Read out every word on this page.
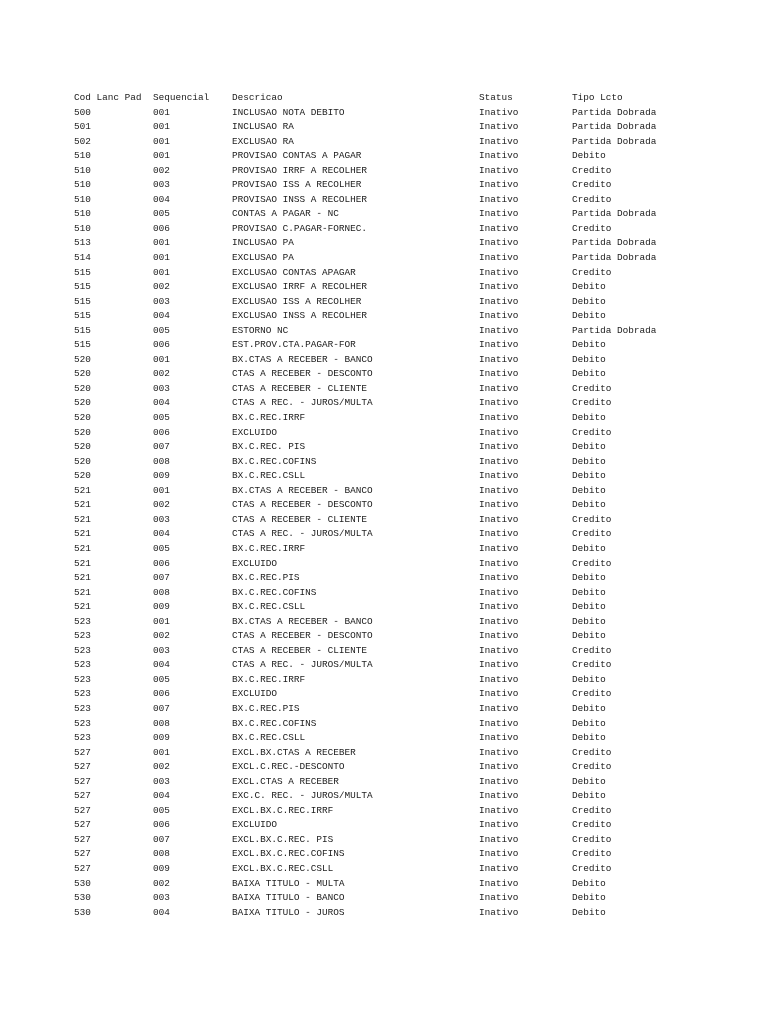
Cod Lanc Pad	Sequencial	Descricao	Status	Tipo Lcto
500	001	INCLUSAO NOTA DEBITO	Inativo	Partida Dobrada
501	001	INCLUSAO RA	Inativo	Partida Dobrada
502	001	EXCLUSAO RA	Inativo	Partida Dobrada
510	001	PROVISAO CONTAS A PAGAR	Inativo	Debito
510	002	PROVISAO IRRF A RECOLHER	Inativo	Credito
510	003	PROVISAO ISS A RECOLHER	Inativo	Credito
510	004	PROVISAO INSS A RECOLHER	Inativo	Credito
510	005	CONTAS A PAGAR - NC	Inativo	Partida Dobrada
510	006	PROVISAO C.PAGAR-FORNEC.	Inativo	Credito
513	001	INCLUSAO PA	Inativo	Partida Dobrada
514	001	EXCLUSAO PA	Inativo	Partida Dobrada
515	001	EXCLUSAO CONTAS APAGAR	Inativo	Credito
515	002	EXCLUSAO IRRF A RECOLHER	Inativo	Debito
515	003	EXCLUSAO ISS A RECOLHER	Inativo	Debito
515	004	EXCLUSAO INSS A RECOLHER	Inativo	Debito
515	005	ESTORNO NC	Inativo	Partida Dobrada
515	006	EST.PROV.CTA.PAGAR-FOR	Inativo	Debito
520	001	BX.CTAS A RECEBER - BANCO	Inativo	Debito
520	002	CTAS A RECEBER - DESCONTO	Inativo	Debito
520	003	CTAS A RECEBER - CLIENTE	Inativo	Credito
520	004	CTAS A REC. - JUROS/MULTA	Inativo	Credito
520	005	BX.C.REC.IRRF	Inativo	Debito
520	006	EXCLUIDO	Inativo	Credito
520	007	BX.C.REC. PIS	Inativo	Debito
520	008	BX.C.REC.COFINS	Inativo	Debito
520	009	BX.C.REC.CSLL	Inativo	Debito
521	001	BX.CTAS A RECEBER - BANCO	Inativo	Debito
521	002	CTAS A RECEBER - DESCONTO	Inativo	Debito
521	003	CTAS A RECEBER - CLIENTE	Inativo	Credito
521	004	CTAS A REC. - JUROS/MULTA	Inativo	Credito
521	005	BX.C.REC.IRRF	Inativo	Debito
521	006	EXCLUIDO	Inativo	Credito
521	007	BX.C.REC.PIS	Inativo	Debito
521	008	BX.C.REC.COFINS	Inativo	Debito
521	009	BX.C.REC.CSLL	Inativo	Debito
523	001	BX.CTAS A RECEBER - BANCO	Inativo	Debito
523	002	CTAS A RECEBER - DESCONTO	Inativo	Debito
523	003	CTAS A RECEBER - CLIENTE	Inativo	Credito
523	004	CTAS A REC. - JUROS/MULTA	Inativo	Credito
523	005	BX.C.REC.IRRF	Inativo	Debito
523	006	EXCLUIDO	Inativo	Credito
523	007	BX.C.REC.PIS	Inativo	Debito
523	008	BX.C.REC.COFINS	Inativo	Debito
523	009	BX.C.REC.CSLL	Inativo	Debito
527	001	EXCL.BX.CTAS A RECEBER	Inativo	Credito
527	002	EXCL.C.REC.-DESCONTO	Inativo	Credito
527	003	EXCL.CTAS A RECEBER	Inativo	Debito
527	004	EXC.C. REC. - JUROS/MULTA	Inativo	Debito
527	005	EXCL.BX.C.REC.IRRF	Inativo	Credito
527	006	EXCLUIDO	Inativo	Credito
527	007	EXCL.BX.C.REC. PIS	Inativo	Credito
527	008	EXCL.BX.C.REC.COFINS	Inativo	Credito
527	009	EXCL.BX.C.REC.CSLL	Inativo	Credito
530	002	BAIXA TITULO - MULTA	Inativo	Debito
530	003	BAIXA TITULO - BANCO	Inativo	Debito
530	004	BAIXA TITULO - JUROS	Inativo	Debito
